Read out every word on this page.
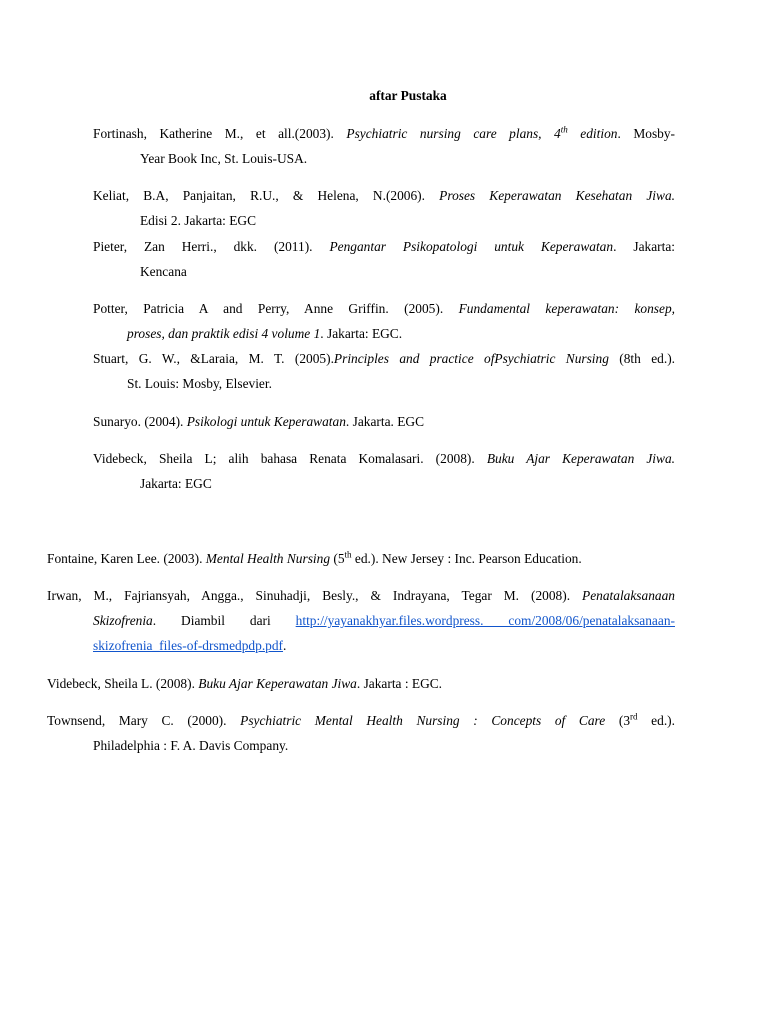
aftar Pustaka
Fortinash, Katherine M., et all.(2003). Psychiatric nursing care plans, 4th edition. Mosby-
Year Book Inc, St. Louis-USA.
Keliat, B.A, Panjaitan, R.U., & Helena, N.(2006). Proses Keperawatan Kesehatan Jiwa.
Edisi 2. Jakarta: EGC
Pieter, Zan Herri., dkk. (2011). Pengantar Psikopatologi untuk Keperawatan. Jakarta:
Kencana
Potter, Patricia A and Perry, Anne Griffin. (2005). Fundamental keperawatan: konsep,
proses, dan praktik edisi 4 volume 1. Jakarta: EGC.
Stuart, G. W., &Laraia, M. T. (2005).Principles and practice ofPsychiatric Nursing (8th ed.).
St. Louis: Mosby, Elsevier.
Sunaryo. (2004). Psikologi untuk Keperawatan. Jakarta. EGC
Videbeck, Sheila L; alih bahasa Renata Komalasari. (2008). Buku Ajar Keperawatan Jiwa.
Jakarta: EGC
Fontaine, Karen Lee. (2003). Mental Health Nursing (5th ed.). New Jersey : Inc. Pearson Education.
Irwan, M., Fajriansyah, Angga., Sinuhadji, Besly., & Indrayana, Tegar M. (2008). Penatalaksanaan
Skizofrenia. Diambil dari http://yayanakhyar.files.wordpress. com/2008/06/penatalaksanaan-
skizofrenia_files-of-drsmedpdp.pdf.
Videbeck, Sheila L. (2008). Buku Ajar Keperawatan Jiwa. Jakarta : EGC.
Townsend, Mary C. (2000). Psychiatric Mental Health Nursing : Concepts of Care (3rd ed.).
Philadelphia : F. A. Davis Company.
